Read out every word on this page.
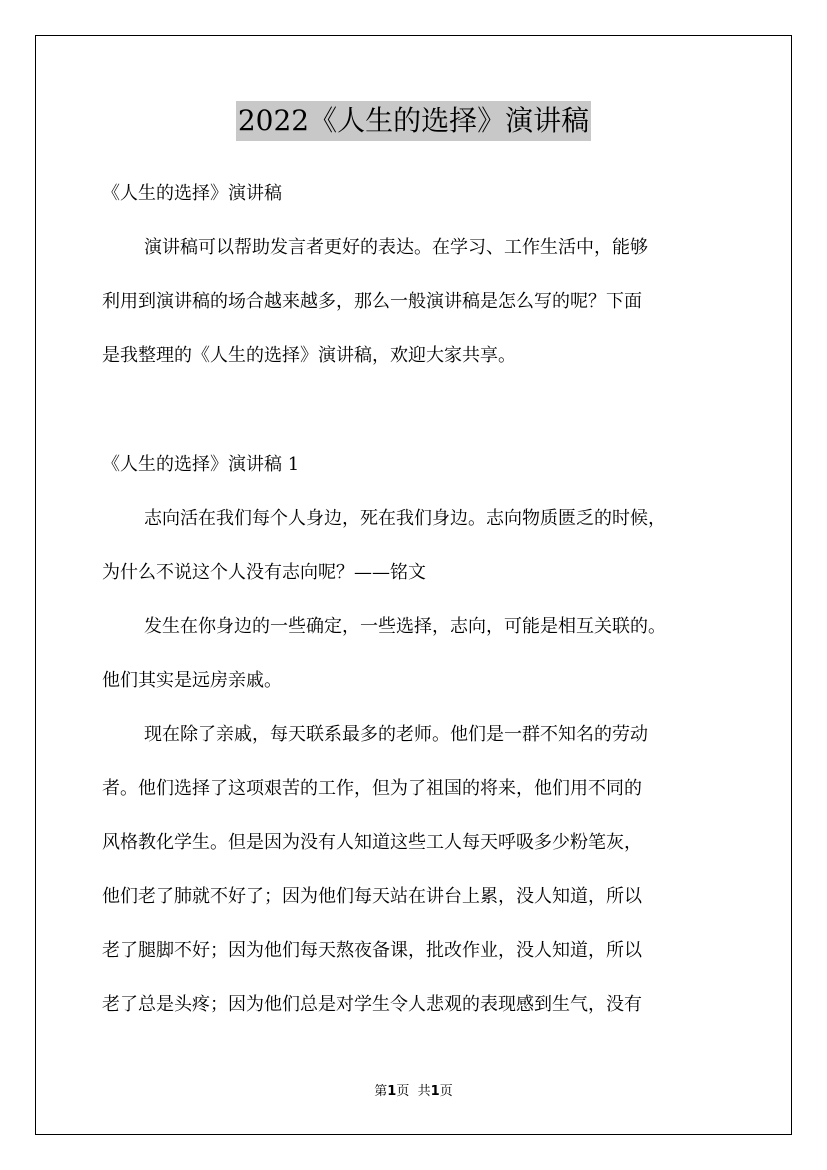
2022《人生的选择》演讲稿
《人生的选择》演讲稿
演讲稿可以帮助发言者更好的表达。在学习、工作生活中，能够
利用到演讲稿的场合越来越多，那么一般演讲稿是怎么写的呢？下面
是我整理的《人生的选择》演讲稿，欢迎大家共享。
《人生的选择》演讲稿 1
志向活在我们每个人身边，死在我们身边。志向物质匮乏的时候，
为什么不说这个人没有志向呢？——铭文
发生在你身边的一些确定，一些选择，志向，可能是相互关联的。
他们其实是远房亲戚。
现在除了亲戚，每天联系最多的老师。他们是一群不知名的劳动
者。他们选择了这项艰苦的工作，但为了祖国的将来，他们用不同的
风格教化学生。但是因为没有人知道这些工人每天呼吸多少粉笔灰，
他们老了肺就不好了；因为他们每天站在讲台上累，没人知道，所以
老了腿脚不好；因为他们每天熬夜备课，批改作业，没人知道，所以
老了总是头疼；因为他们总是对学生令人悲观的表现感到生气，没有
第1页 共1页
